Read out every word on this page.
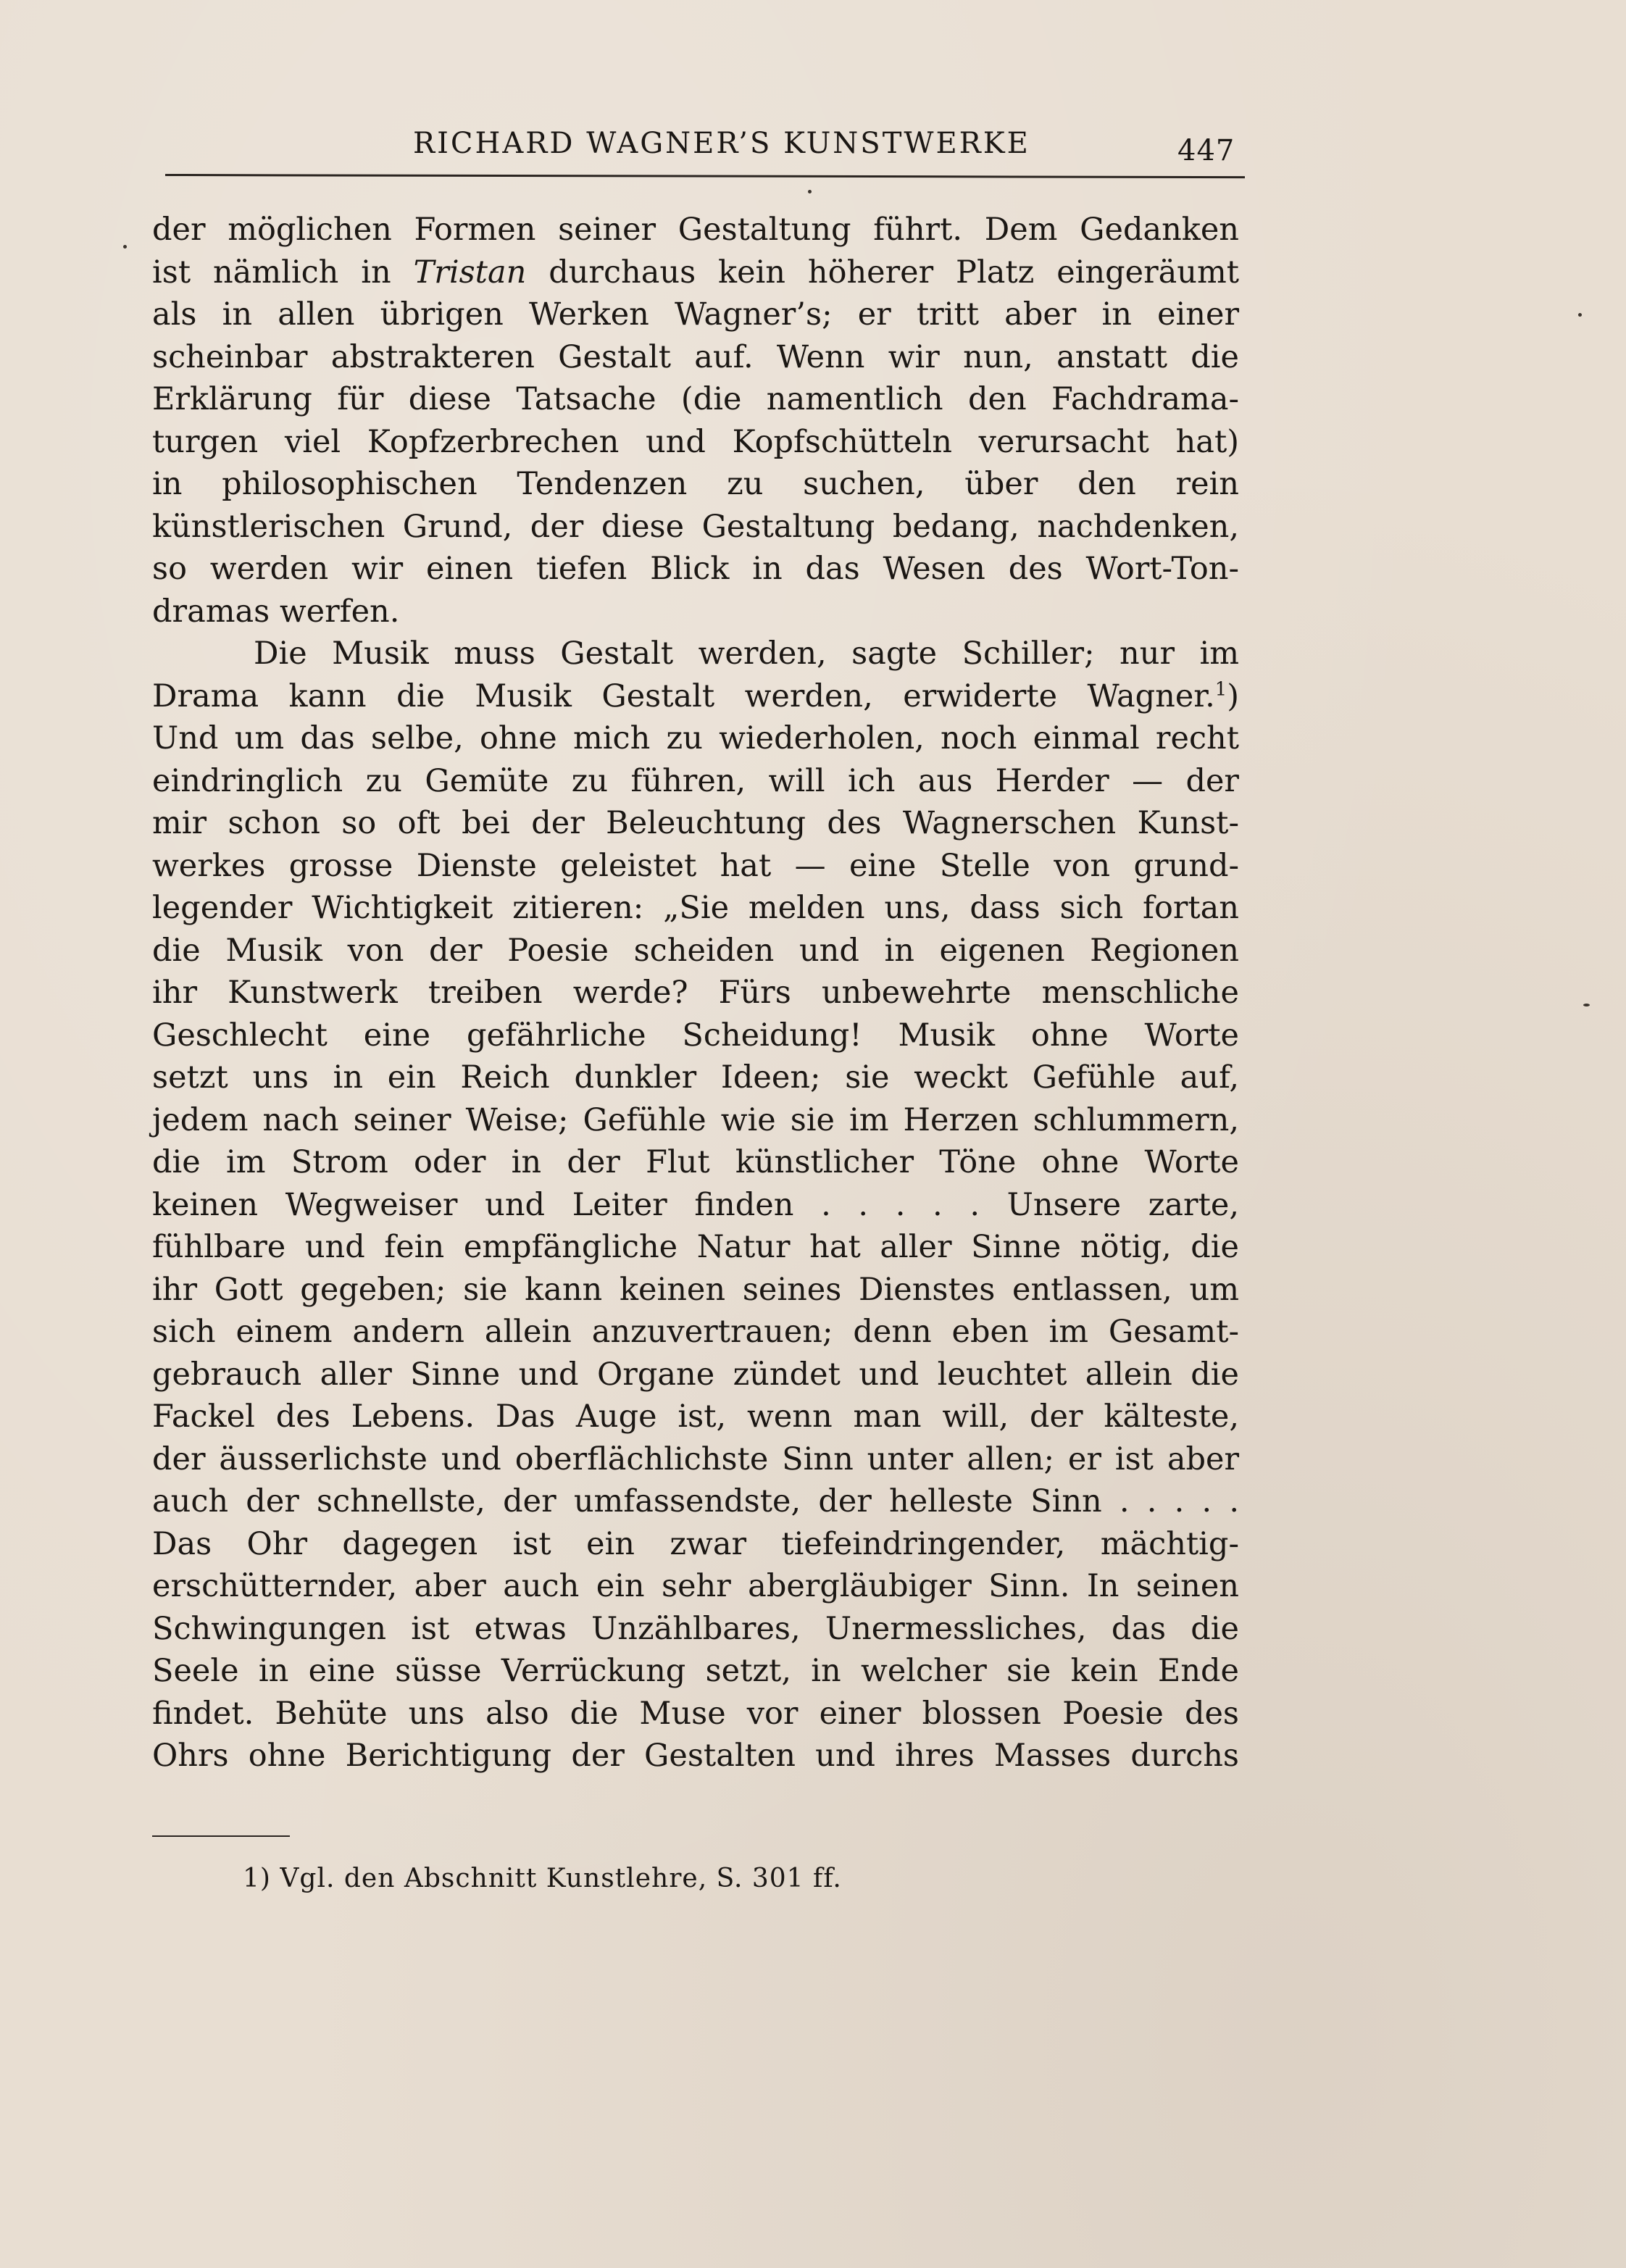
RICHARD WAGNER’S KUNSTWERKE	447
der möglichen Formen seiner Gestaltung führt. Dem Gedanken
ist nämlich in Tristan durchaus kein höherer Platz eingeräumt
als in allen übrigen Werken Wagner’s; er tritt aber in einer
scheinbar abstrakteren Gestalt auf. Wenn wir nun, anstatt die
Erklärung für diese Tatsache (die namentlich den Fachdrama-
turgen viel Kopfzerbrechen und Kopfschütteln verursacht hat)
in philosophischen Tendenzen zu suchen, über den rein
künstlerischen Grund, der diese Gestaltung bedang, nachdenken,
so werden wir einen tiefen Blick in das Wesen des Wort-Ton-
dramas werfen.
Die Musik muss Gestalt werden, sagte Schiller; nur im
Drama kann die Musik Gestalt werden, erwiderte Wagner.$^1$)
Und um das selbe, ohne mich zu wiederholen, noch einmal recht
eindringlich zu Gemüte zu führen, will ich aus Herder — der
mir schon so oft bei der Beleuchtung des Wagnerschen Kunst-
werkes grosse Dienste geleistet hat — eine Stelle von grund-
legender Wichtigkeit zitieren: „Sie melden uns, dass sich fortan
die Musik von der Poesie scheiden und in eigenen Regionen
ihr Kunstwerk treiben werde? Fürs unbewehrte menschliche
Geschlecht eine gefährliche Scheidung! Musik ohne Worte
setzt uns in ein Reich dunkler Ideen; sie weckt Gefühle auf,
jedem nach seiner Weise; Gefühle wie sie im Herzen schlummern,
die im Strom oder in der Flut künstlicher Töne ohne Worte
keinen Wegweiser und Leiter finden . . . . . Unsere zarte,
fühlbare und fein empfängliche Natur hat aller Sinne nötig, die
ihr Gott gegeben; sie kann keinen seines Dienstes entlassen, um
sich einem andern allein anzuvertrauen; denn eben im Gesamt-
gebrauch aller Sinne und Organe zündet und leuchtet allein die
Fackel des Lebens. Das Auge ist, wenn man will, der kälteste,
der äusserlichste und oberflächlichste Sinn unter allen; er ist aber
auch der schnellste, der umfassendste, der helleste Sinn . . . . .
Das Ohr dagegen ist ein zwar tiefeindringender, mächtig-
erschütternder, aber auch ein sehr abergläubiger Sinn. In seinen
Schwingungen ist etwas Unzählbares, Unermessliches, das die
Seele in eine süsse Verrückung setzt, in welcher sie kein Ende
findet. Behüte uns also die Muse vor einer blossen Poesie des
Ohrs ohne Berichtigung der Gestalten und ihres Masses durchs
1) Vgl. den Abschnitt Kunstlehre, S. 301 ff.
